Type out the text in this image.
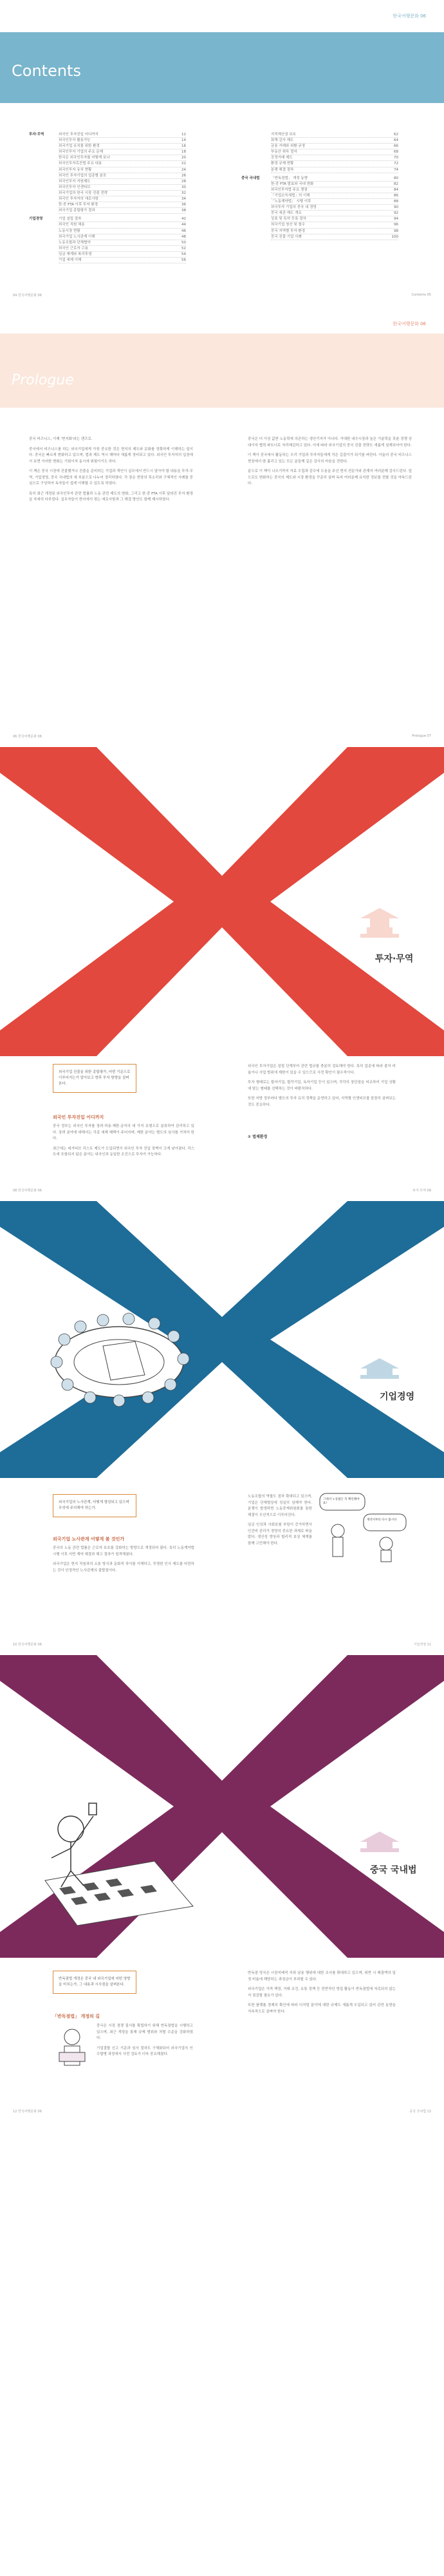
한국여행문화 06
Contents
투자·무역	외국인 투자진입 어디까지	12
외국인투자 활용가능	14
외국기업 유치를 위한 환경	16
외국인투자 기업의 주요 문제	18
한국은 외국인투자를 어떻게 보나	20
외국인투자촉진법 주요 내용	22
외국인투자 유치 현황	24
외국인 투자기업의 업종별 분포	26
외국인투자 지원제도	28
외국인투자 인센티브	30
외국기업의 한국 시장 진출 전략	32
외국인 투자자의 애로사항	34
한·중 FTA 이후 투자 환경	36
외국기업 종합평가 결과	38
기업경영	기업 설립 절차	42
외국인 직원 채용	44
노동시장 현황	46
외국기업 노사관계 이해	48
노동조합과 단체협약	50
외국인 근로자 고용	52
임금 체계와 복리후생	54
기업 세제 이해	56
지적재산권 보호	62
회계·감사 제도	64
금융 거래와 외환 규정	66
부동산 취득 절차	68
공정거래 제도	70
환경 규제 현황	72
분쟁 해결 절차	74
중국 국내법	「반독점법」 개정 동향	80
한·중 FTA 발효와 국내 변화	82
외국인투자법 주요 쟁점	84
「기업소득세법」의 이해	86
「노동계약법」 시행 이후	88
외국투자 기업의 중국 내 경영	90
중국 세관 제도 개요	92
상표 및 특허 등록 절차	94
외국기업 청산 및 철수	96
중국 지역별 투자 환경	98
중국 진출 기업 사례	100
04 한국여행문화 06	Contents 05
한국여행문화 06
Prologue

중국 비즈니스, 이제 '현지화'라는 렌즈로.

중국에서 비즈니스를 하는 외국기업에게 가장 중요한 것은 현지의 제도와 문화를 정확하게 이해하는 일이다. 중국은 빠르게 변화하고 있으며, 법과 제도 역시 해마다 새롭게 정비되고 있다. 외국인 투자자의 입장에서 보면 이러한 변화는 기회이자 동시에 위험이기도 하다.

이 책은 중국 시장에 진출했거나 진출을 준비하는 기업과 개인이 실무에서 반드시 알아야 할 내용을 투자·무역, 기업경영, 중국 국내법의 세 부분으로 나누어 정리하였다. 각 장은 현장의 목소리와 구체적인 사례를 중심으로 구성하여 독자들이 쉽게 이해할 수 있도록 하였다.

특히 최근 개정된 외국인투자 관련 법률과 노동 관련 제도의 변화, 그리고 한·중 FTA 이후 달라진 투자 환경을 자세히 다루었다. 실무자들이 현지에서 겪는 애로사항과 그 해결 방안도 함께 제시하였다.

중국은 더 이상 값싼 노동력에 의존하는 생산기지가 아니다. 거대한 내수시장과 높은 기술력을 갖춘 경쟁 상대이자 협력 파트너로 자리매김하고 있다. 이에 따라 외국기업의 중국 진출 전략도 새롭게 설계되어야 한다.

이 책이 중국에서 활동하는 우리 기업과 투자자들에게 작은 길잡이가 되기를 바란다. 아울러 중국 비즈니스 현장에서 땀 흘리고 있는 모든 분들께 깊은 감사의 마음을 전한다.

끝으로 이 책이 나오기까지 자료 수집과 감수에 도움을 주신 현지 전문가와 관계자 여러분께 감사드린다. 앞으로도 변화하는 중국의 제도와 시장 환경을 꾸준히 살펴 독자 여러분께 유익한 정보를 전할 것을 약속드린다.

06 한국여행문화 06	Prologue 07
투자·무역
외국기업 진출을 위한 종합평가, 어떤 기준으로 이루어지는가 알아보고 향후 투자 방향을 살펴본다.
외국인 투자진입 어디까지

중국 정부는 외국인 투자를 장려·허용·제한·금지의 네 가지 유형으로 분류하여 관리하고 있다. 장려 분야에 대해서는 각종 세제 혜택이 주어지며, 제한 분야는 별도의 심사를 거쳐야 한다.

최근에는 네거티브 리스트 제도가 도입되면서 외국인 투자 진입 장벽이 크게 낮아졌다. 리스트에 포함되지 않은 분야는 내국인과 동일한 조건으로 투자가 가능하다.

외국인 투자기업은 설립 단계부터 관련 법규를 충분히 검토해야 한다. 특히 업종에 따라 출자 비율이나 사업 범위에 제한이 있을 수 있으므로 사전 확인이 필수적이다.

투자 형태로는 합자기업, 합작기업, 독자기업 등이 있으며, 각각의 장단점을 비교하여 기업 상황에 맞는 형태를 선택하는 것이 바람직하다.

또한 지방 정부마다 별도의 투자 유치 정책을 운영하고 있어, 지역별 인센티브를 꼼꼼히 살펴보는 것도 중요하다.

① 법제환경
08 한국여행문화 06	투자·무역 09
기업경영
외국기업의 노사관계, 어떻게 형성되고 있으며 무엇에 주의해야 하는가.
외국기업 노사관계 어떻게 볼 것인가

중국의 노동 관련 법률은 근로자 보호를 강화하는 방향으로 개정되어 왔다. 특히 노동계약법 시행 이후 서면 계약 체결과 해고 절차가 엄격해졌다.

외국기업은 현지 직원과의 소통 방식과 문화적 차이를 이해하고, 투명한 인사 제도를 마련하는 것이 안정적인 노사관계의 출발점이다.

노동조합의 역할도 점차 확대되고 있으며, 기업은 단체협상에 성실히 임해야 한다. 분쟁이 발생하면 노동중재위원회를 통한 해결이 우선적으로 이루어진다.

임금 인상과 사회보험 부담이 증가하면서 인건비 관리가 경영의 중요한 과제로 떠올랐다. 생산성 향상과 합리적 보상 체계를 함께 고민해야 한다.

그래서 노동법은 꼭 확인해야죠!
계약서부터 다시 봅시다
10 한국여행문화 06	기업경영 11
중국 국내법
반독점법 개정은 중국 내 외국기업에 어떤 영향을 미치는가, 그 내용과 시사점을 살펴본다.
「반독점법」 개정의 길

중국은 시장 경쟁 질서를 확립하기 위해 반독점법을 시행하고 있으며, 최근 개정을 통해 규제 범위와 처벌 수준을 강화하였다.

기업결합 신고 기준과 심사 절차도 구체화되어 외국기업의 인수합병 과정에서 사전 검토가 더욱 중요해졌다.

반독점 당국은 시장지배적 지위 남용 행위에 대한 조사를 확대하고 있으며, 위반 시 매출액의 일정 비율에 해당하는 과징금이 부과될 수 있다.

외국기업은 가격 책정, 거래 조건, 유통 정책 등 전반적인 영업 활동이 반독점법에 저촉되지 않는지 점검할 필요가 있다.

또한 플랫폼 경제의 확산에 따라 디지털 분야에 대한 규제도 새롭게 도입되고 있어 관련 동향을 지속적으로 살펴야 한다.

12 한국여행문화 06	중국 국내법 13
